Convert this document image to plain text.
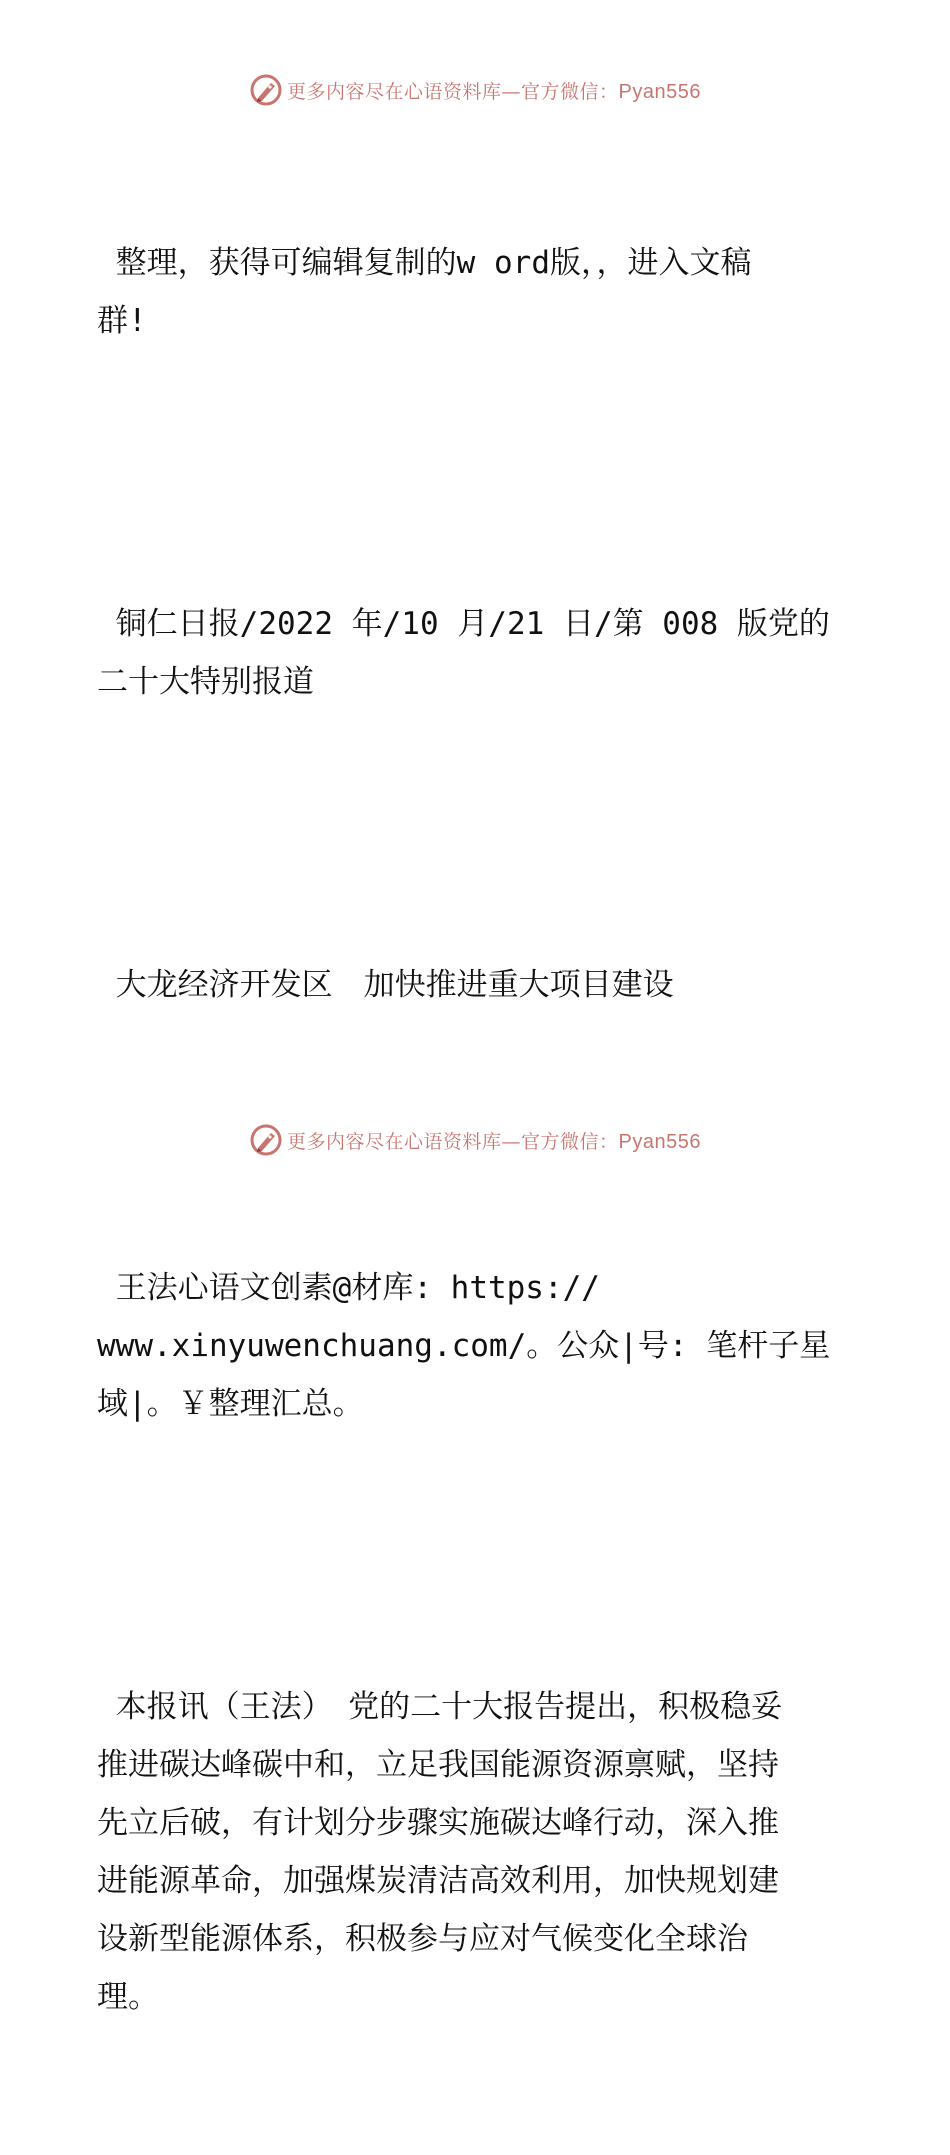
更多内容尽在心语资料库—官方微信：Pyan556

整理，获得可编辑复制的w ord版，，进入文稿
群!

铜仁日报/2022 年/10 月/21 日/第 008 版党的
二十大特别报道

大龙经济开发区　加快推进重大项目建设

王法心语文创素@材库: https://
www.xinyuwenchuang.com/。公众|号: 笔杆子星
域|。￥整理汇总。

本报讯（王法）　党的二十大报告提出，积极稳妥
推进碳达峰碳中和，立足我国能源资源禀赋，坚持
先立后破，有计划分步骤实施碳达峰行动，深入推
进能源革命，加强煤炭清洁高效利用，加快规划建
设新型能源体系，积极参与应对气候变化全球治
理。

更多内容尽在心语资料库—官方微信：Pyan556
